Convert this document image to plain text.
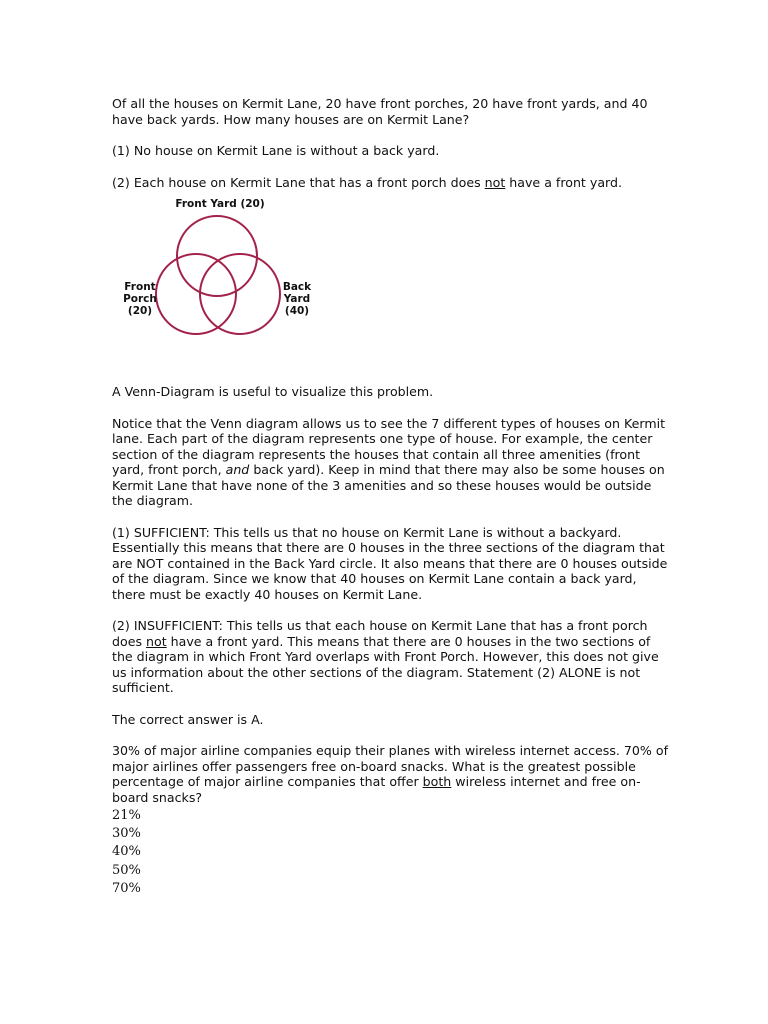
Of all the houses on Kermit Lane, 20 have front porches, 20 have front yards, and 40 have back yards. How many houses are on Kermit Lane?

(1) No house on Kermit Lane is without a back yard.

(2) Each house on Kermit Lane that has a front porch does not have a front yard.

Front Yard (20)
Front
Porch
(20)
Back
Yard
(40)

A Venn-Diagram is useful to visualize this problem.

Notice that the Venn diagram allows us to see the 7 different types of houses on Kermit lane. Each part of the diagram represents one type of house. For example, the center section of the diagram represents the houses that contain all three amenities (front yard, front porch, and back yard). Keep in mind that there may also be some houses on Kermit Lane that have none of the 3 amenities and so these houses would be outside the diagram.

(1) SUFFICIENT: This tells us that no house on Kermit Lane is without a backyard. Essentially this means that there are 0 houses in the three sections of the diagram that are NOT contained in the Back Yard circle. It also means that there are 0 houses outside of the diagram. Since we know that 40 houses on Kermit Lane contain a back yard, there must be exactly 40 houses on Kermit Lane.

(2) INSUFFICIENT: This tells us that each house on Kermit Lane that has a front porch does not have a front yard. This means that there are 0 houses in the two sections of the diagram in which Front Yard overlaps with Front Porch. However, this does not give us information about the other sections of the diagram. Statement (2) ALONE is not sufficient.

The correct answer is A.

30% of major airline companies equip their planes with wireless internet access. 70% of major airlines offer passengers free on-board snacks. What is the greatest possible percentage of major airline companies that offer both wireless internet and free on-board snacks?

21%
30%
40%
50%
70%
